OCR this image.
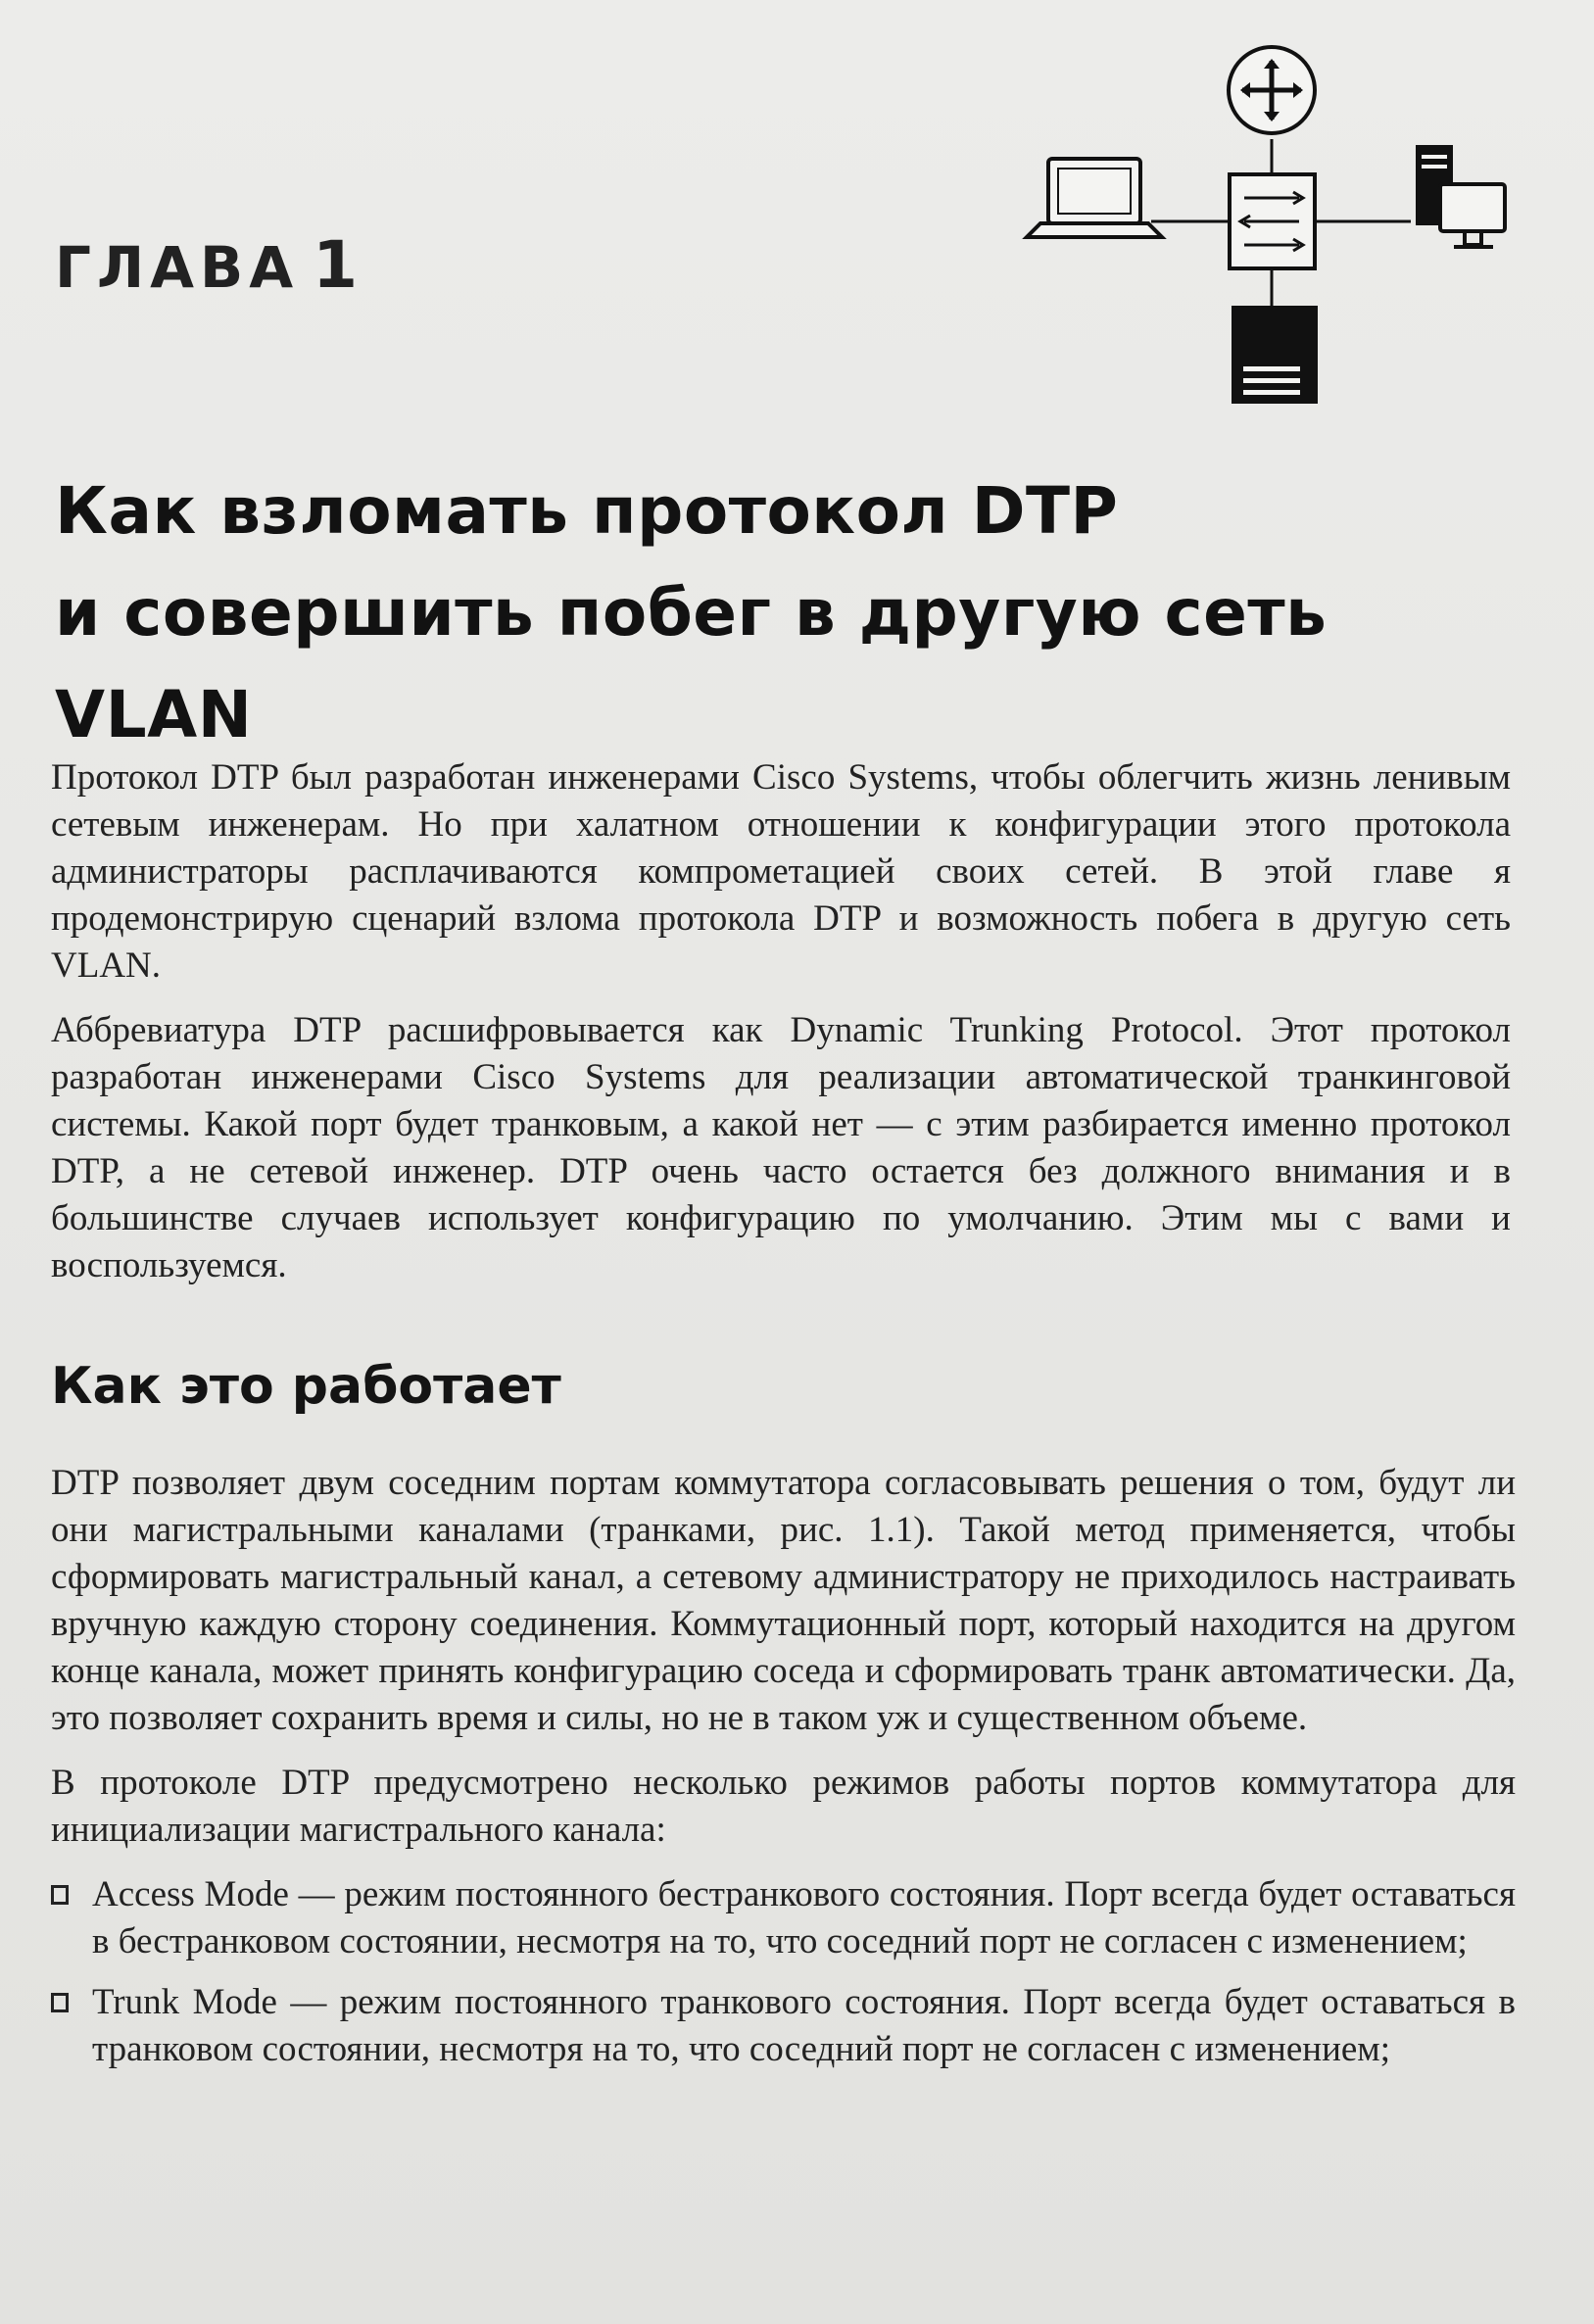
ГЛАВА 1
Как взломать протокол DTP
и совершить побег в другую сеть VLAN

Протокол DTP был разработан инженерами Cisco Systems, чтобы облегчить жизнь ленивым сетевым инженерам. Но при халатном отношении к конфигурации этого протокола администраторы расплачиваются компрометацией своих сетей. В этой главе я продемонстрирую сценарий взлома протокола DTP и возможность побега в другую сеть VLAN.

Аббревиатура DTP расшифровывается как Dynamic Trunking Protocol. Этот протокол разработан инженерами Cisco Systems для реализации автоматической транкинговой системы. Какой порт будет транковым, а какой нет — с этим разбирается именно протокол DTP, а не сетевой инженер. DTP очень часто остается без должного внимания и в большинстве случаев использует конфигурацию по умолчанию. Этим мы с вами и воспользуемся.

Как это работает

DTP позволяет двум соседним портам коммутатора согласовывать решения о том, будут ли они магистральными каналами (транками, рис. 1.1). Такой метод применяется, чтобы сформировать магистральный канал, а сетевому администратору не приходилось настраивать вручную каждую сторону соединения. Коммутационный порт, который находится на другом конце канала, может принять конфигурацию соседа и сформировать транк автоматически. Да, это позволяет сохранить время и силы, но не в таком уж и существенном объеме.

В протоколе DTP предусмотрено несколько режимов работы портов коммутатора для инициализации магистрального канала:

Access Mode — режим постоянного бестранкового состояния. Порт всегда будет оставаться в бестранковом состоянии, несмотря на то, что соседний порт не согласен с изменением;
Trunk Mode — режим постоянного транкового состояния. Порт всегда будет оставаться в транковом состоянии, несмотря на то, что соседний порт не согласен с изменением;
